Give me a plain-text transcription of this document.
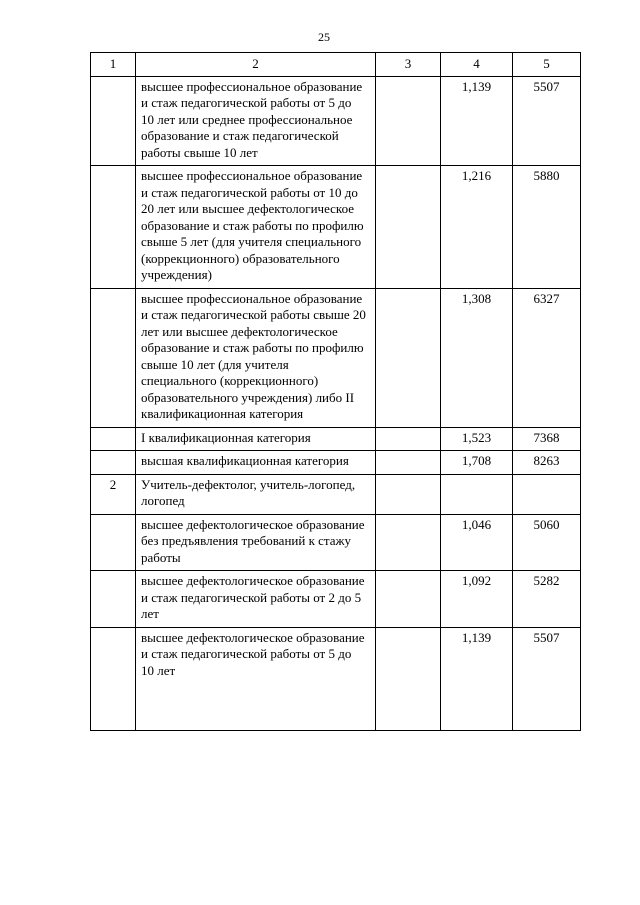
25
1	2	3	4	5
	высшее профессиональное образование и стаж педагогической работы от 5 до 10 лет или среднее профессиональное образование и стаж педагогической работы свыше 10 лет		1,139	5507
	высшее профессиональное образование и стаж педагогической работы от 10 до 20 лет или высшее дефектологическое образование и стаж работы по профилю свыше 5 лет (для учителя специального (коррекционного) образовательного учреждения)		1,216	5880
	высшее профессиональное образование и стаж педагогической работы свыше 20 лет или высшее дефектологическое образование и стаж работы по профилю свыше 10 лет (для учителя специального (коррекционного) образовательного учреждения) либо II квалификационная категория		1,308	6327
	I квалификационная категория		1,523	7368
	высшая квалификационная категория		1,708	8263
2	Учитель-дефектолог, учитель-логопед, логопед			
	высшее дефектологическое образование без предъявления требований к стажу работы		1,046	5060
	высшее дефектологическое образование и стаж педагогической работы от 2 до 5 лет		1,092	5282
	высшее дефектологическое образование и стаж педагогической работы от 5 до 10 лет		1,139	5507
